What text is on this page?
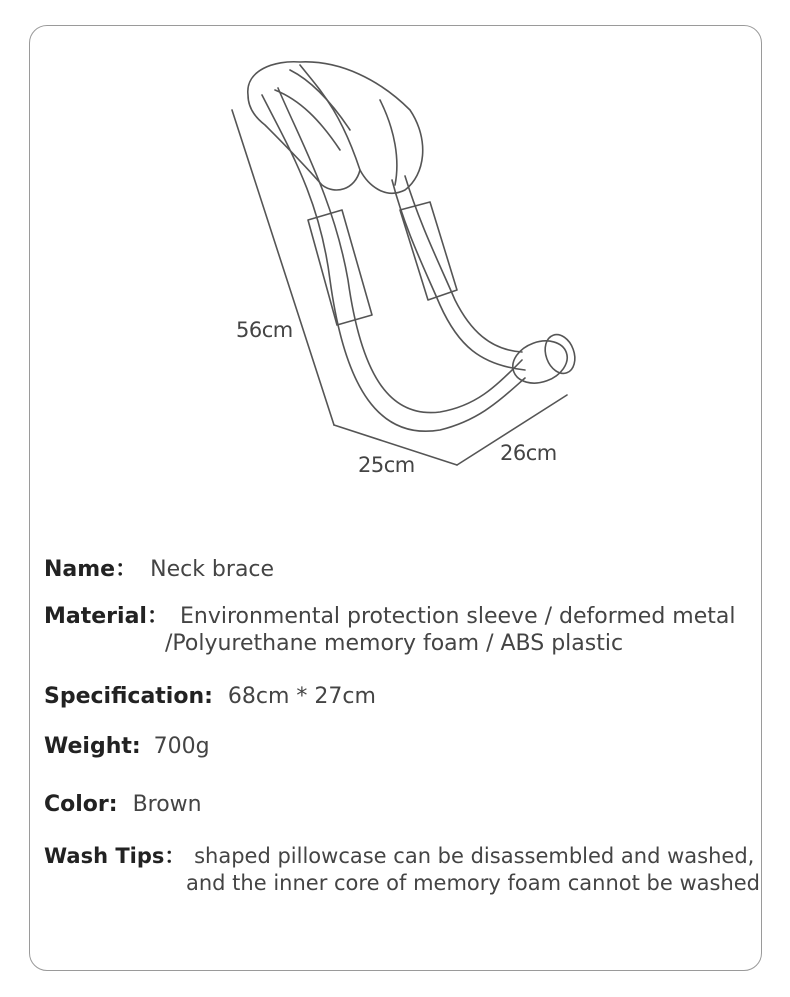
56cm
25cm	26cm
Name： Neck brace
Material： Environmental protection sleeve / deformed metal
/Polyurethane memory foam / ABS plastic
Specification: 68cm * 27cm
Weight: 700g
Color: Brown
Wash Tips： shaped pillowcase can be disassembled and washed,
and the inner core of memory foam cannot be washed
